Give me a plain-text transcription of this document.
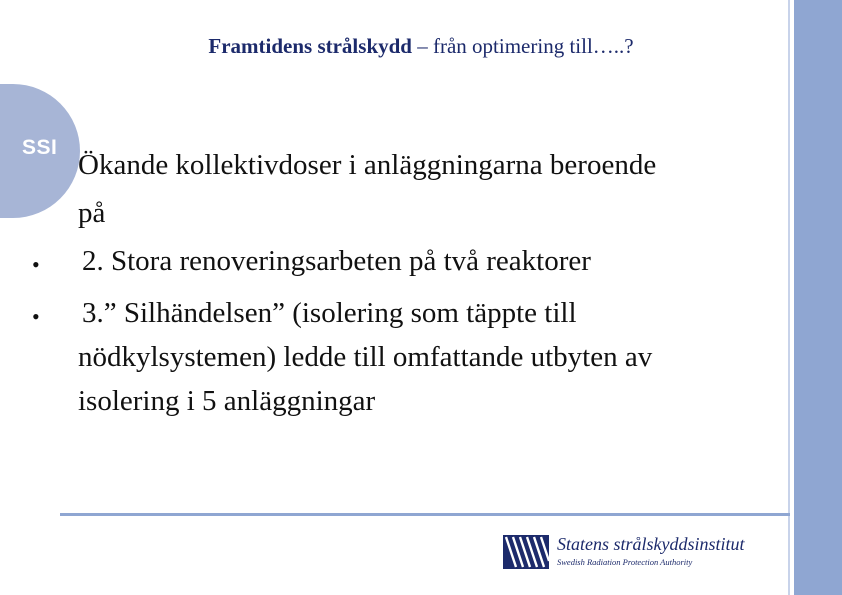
SSI
Framtidens strålskydd – från optimering till…..?
Ökande kollektivdoser i anläggningarna beroende
på
• 2. Stora renoveringsarbeten på två reaktorer
• 3.” Silhändelsen” (isolering som täppte till
nödkylsystemen) ledde till omfattande utbyten av
isolering i 5 anläggningar
Statens strålskyddsinstitut
Swedish Radiation Protection Authority
